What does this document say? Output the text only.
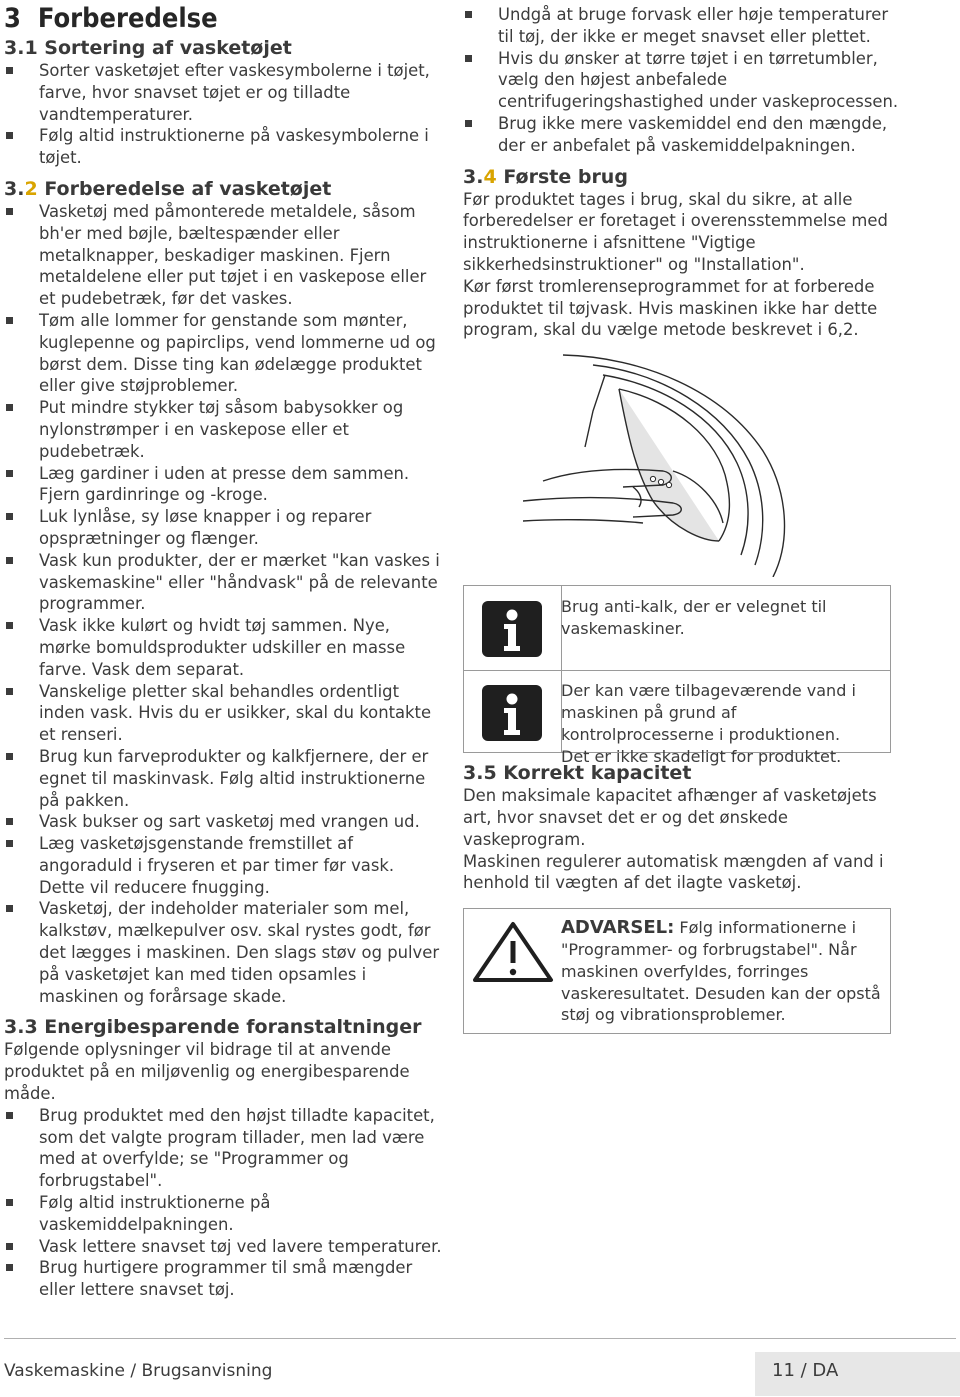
3 Forberedelse
3.1 Sortering af vasketøjet
Sorter vasketøjet efter vaskesymbolerne i tøjet, farve, hvor snavset tøjet er og tilladte vandtemperaturer.
Følg altid instruktionerne på vaskesymbolerne i tøjet.
3.2 Forberedelse af vasketøjet
Vasketøj med påmonterede metaldele, såsom bh'er med bøjle, bæltespænder eller metalknapper, beskadiger maskinen. Fjern metaldelene eller put tøjet i en vaskepose eller et pudebetræk, før det vaskes.
Tøm alle lommer for genstande som mønter, kuglepenne og papirclips, vend lommerne ud og børst dem. Disse ting kan ødelægge produktet eller give støjproblemer.
Put mindre stykker tøj såsom babysokker og nylonstrømper i en vaskepose eller et pudebetræk.
Læg gardiner i uden at presse dem sammen. Fjern gardinringe og -kroge.
Luk lynlåse, sy løse knapper i og reparer opsprætninger og flænger.
Vask kun produkter, der er mærket "kan vaskes i vaskemaskine" eller "håndvask" på de relevante programmer.
Vask ikke kulørt og hvidt tøj sammen. Nye, mørke bomuldsprodukter udskiller en masse farve. Vask dem separat.
Vanskelige pletter skal behandles ordentligt inden vask. Hvis du er usikker, skal du kontakte et renseri.
Brug kun farveprodukter og kalkfjernere, der er egnet til maskinvask. Følg altid instruktionerne på pakken.
Vask bukser og sart vasketøj med vrangen ud.
Læg vasketøjsgenstande fremstillet af angoraduld i fryseren et par timer før vask. Dette vil reducere fnugging.
Vasketøj, der indeholder materialer som mel, kalkstøv, mælkepulver osv. skal rystes godt, før det lægges i maskinen. Den slags støv og pulver på vasketøjet kan med tiden opsamles i maskinen og forårsage skade.
3.3 Energibesparende foranstaltninger

Følgende oplysninger vil bidrage til at anvende produktet på en miljøvenlig og energibesparende måde.

Brug produktet med den højst tilladte kapacitet, som det valgte program tillader, men lad være med at overfylde; se "Programmer og forbrugstabel".
Følg altid instruktionerne på vaskemiddelpakningen.
Vask lettere snavset tøj ved lavere temperaturer.
Brug hurtigere programmer til små mængder eller lettere snavset tøj.
Undgå at bruge forvask eller høje temperaturer til tøj, der ikke er meget snavset eller plettet.
Hvis du ønsker at tørre tøjet i en tørretumbler, vælg den højest anbefalede centrifugeringshastighed under vaskeprocessen.
Brug ikke mere vaskemiddel end den mængde, der er anbefalet på vaskemiddelpakningen.
3.4 Første brug

Før produktet tages i brug, skal du sikre, at alle forberedelser er foretaget i overensstemmelse med instruktionerne i afsnittene "Vigtige sikkerhedsinstruktioner" og "Installation".

Kør først tromlerenseprogrammet for at forberede produktet til tøjvask. Hvis maskinen ikke har dette program, skal du vælge metode beskrevet i 6,2.

Brug anti-kalk, der er velegnet til vaskemaskiner.
Der kan være tilbageværende vand i maskinen på grund af kontrolprocesserne i produktionen. Det er ikke skadeligt for produktet.
3.5 Korrekt kapacitet

Den maksimale kapacitet afhænger af vasketøjets art, hvor snavset det er og det ønskede vaskeprogram.

Maskinen regulerer automatisk mængden af vand i henhold til vægten af det ilagte vasketøj.

ADVARSEL: Følg informationerne i "Programmer- og forbrugstabel". Når maskinen overfyldes, forringes vaskeresultatet. Desuden kan der opstå støj og vibrationsproblemer.
Vaskemaskine / Brugsanvisning	11 / DA
